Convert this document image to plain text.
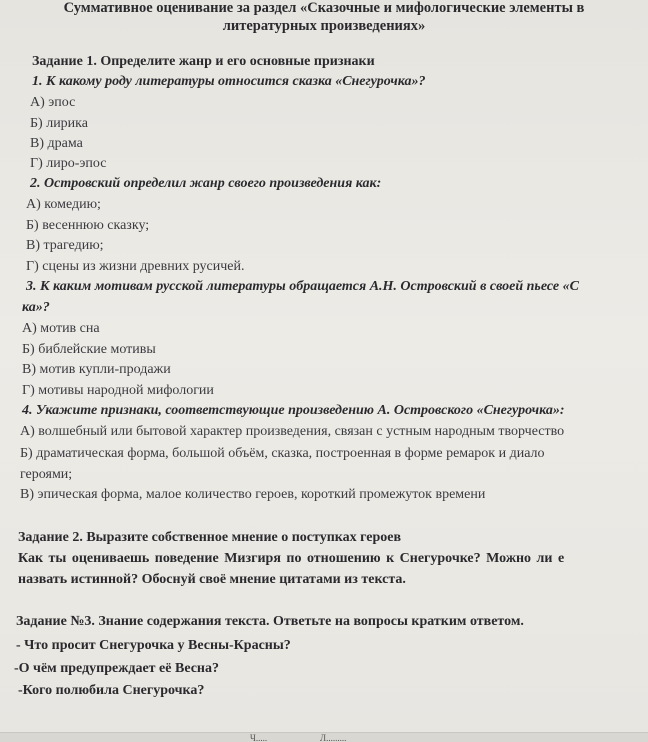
Суммативное оценивание за раздел «Сказочные и мифологические элементы в
литературных произведениях»
Задание 1. Определите жанр и его основные признаки
1. К какому роду литературы относится сказка «Снегурочка»?
А) эпос
Б) лирика
В) драма
Г) лиро-эпос
2. Островский определил жанр своего произведения как:
А) комедию;
Б) весеннюю сказку;
В) трагедию;
Г) сцены из жизни древних русичей.
3. К каким мотивам русской литературы обращается А.Н. Островский в своей пьесе «С
ка»?
А) мотив сна
Б) библейские мотивы
В) мотив купли-продажи
Г) мотивы народной мифологии
4. Укажите признаки, соответствующие произведению А. Островского «Снегурочка»:
А) волшебный или бытовой характер произведения, связан с устным народным творчество
Б) драматическая форма, большой объём, сказка, построенная в форме ремарок и диало
героями;
В) эпическая форма, малое количество героев, короткий промежуток времени
Задание 2. Выразите собственное мнение о поступках героев
Как ты оцениваешь поведение Мизгиря по отношению к Снегурочке? Можно ли е
назвать истинной? Обоснуй своё мнение цитатами из текста.
Задание №3. Знание содержания текста. Ответьте на вопросы кратким ответом.
- Что просит Снегурочка у Весны-Красны?
-О чём предупреждает её Весна?
-Кого полюбила Снегурочка?
Ч.....	Л.........
